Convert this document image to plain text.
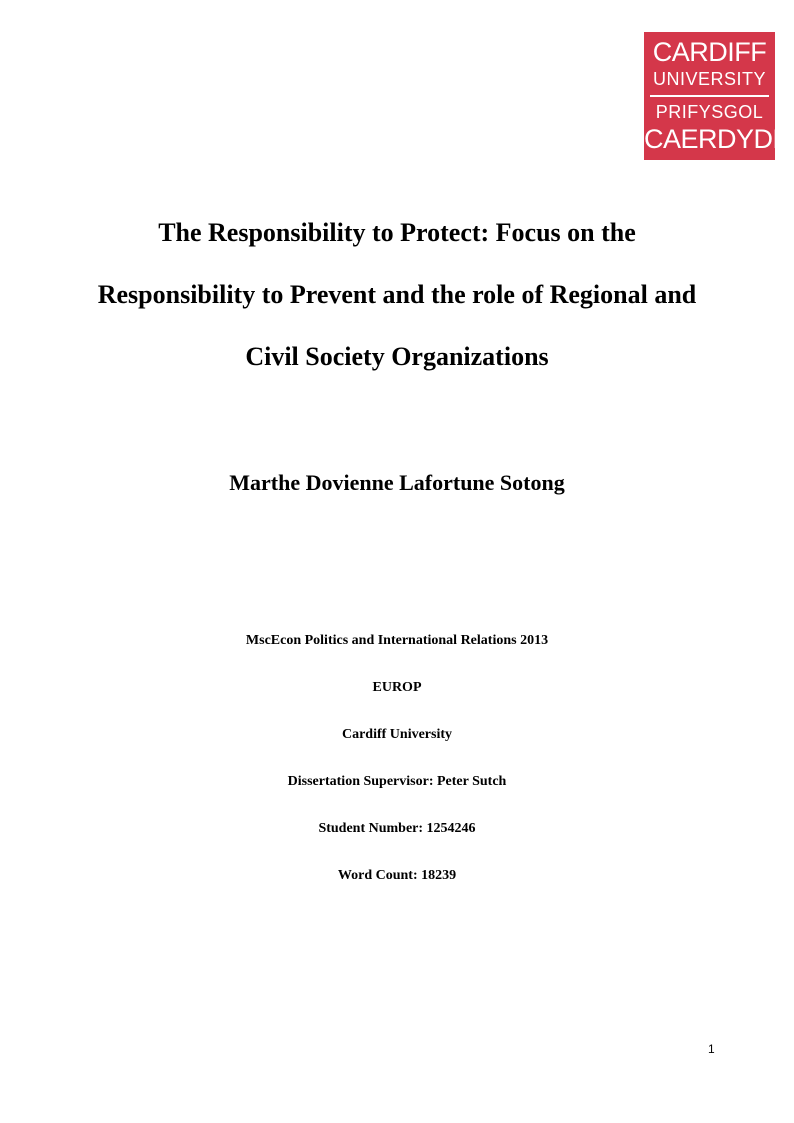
CARDIFF
UNIVERSITY
PRIFYSGOL
CAERDYDD
The Responsibility to Protect: Focus on the
Responsibility to Prevent and the role of Regional and
Civil Society Organizations
Marthe Dovienne Lafortune Sotong
MscEcon Politics and International Relations 2013
EUROP
Cardiff University
Dissertation Supervisor: Peter Sutch
Student Number: 1254246
Word Count: 18239
1
